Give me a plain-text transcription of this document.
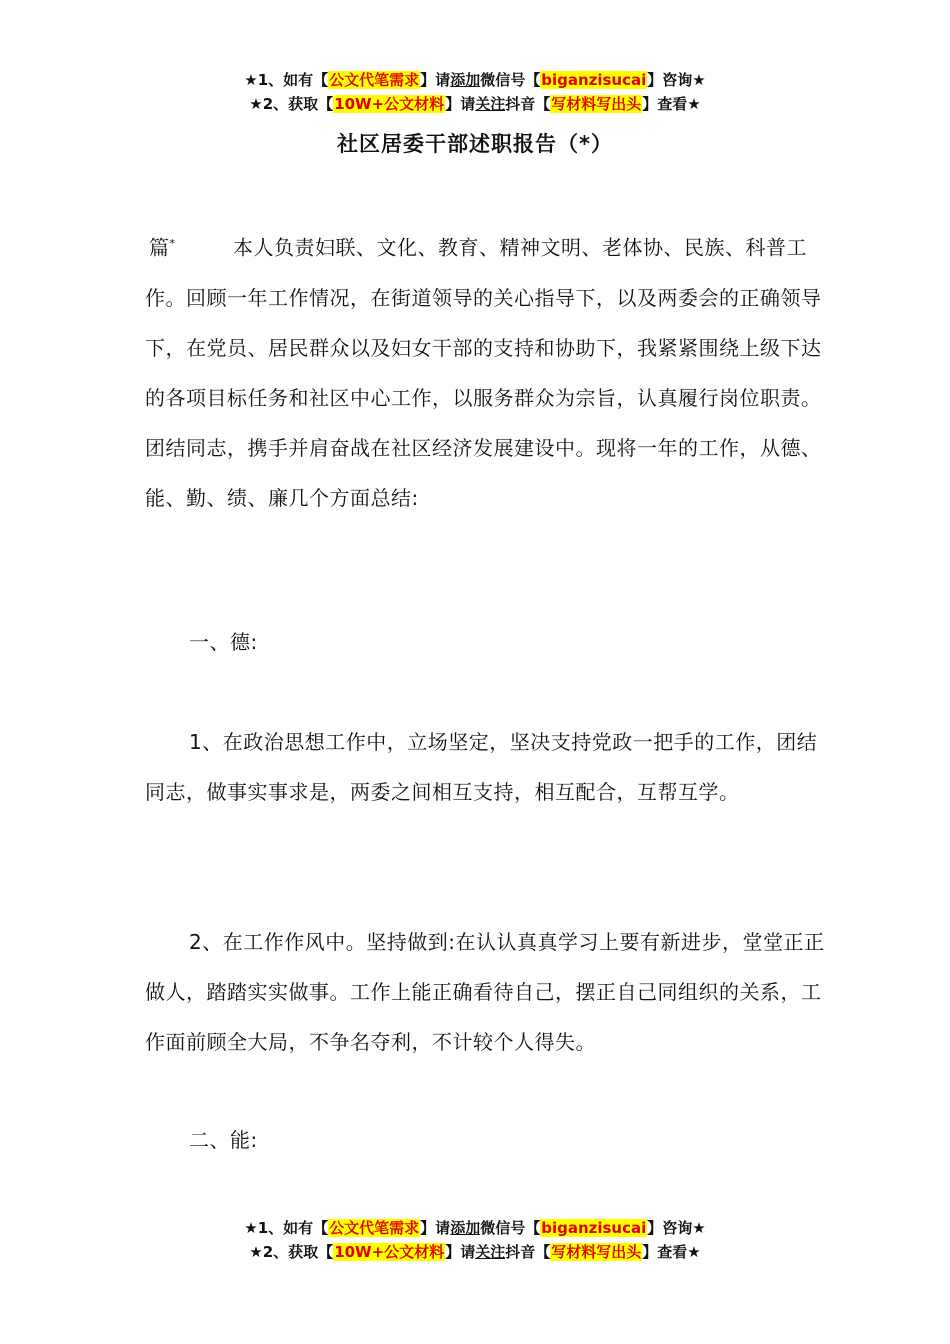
★1、如有【公文代笔需求】请添加微信号【biganzisucai】咨询★
★2、获取【10W+公文材料】请关注抖音【写材料写出头】查看★
社区居委干部述职报告（*）

篇*	本人负责妇联、文化、教育、精神文明、老体协、民族、科普工作。回顾一年工作情况，在街道领导的关心指导下，以及两委会的正确领导下，在党员、居民群众以及妇女干部的支持和协助下，我紧紧围绕上级下达的各项目标任务和社区中心工作，以服务群众为宗旨，认真履行岗位职责。团结同志，携手并肩奋战在社区经济发展建设中。现将一年的工作，从德、能、勤、绩、廉几个方面总结:

一、德:

1、在政治思想工作中，立场坚定，坚决支持党政一把手的工作，团结同志，做事实事求是，两委之间相互支持，相互配合，互帮互学。

2、在工作作风中。坚持做到:在认认真真学习上要有新进步，堂堂正正做人，踏踏实实做事。工作上能正确看待自己，摆正自己同组织的关系，工作面前顾全大局，不争名夺利，不计较个人得失。

二、能:
★1、如有【公文代笔需求】请添加微信号【biganzisucai】咨询★
★2、获取【10W+公文材料】请关注抖音【写材料写出头】查看★
